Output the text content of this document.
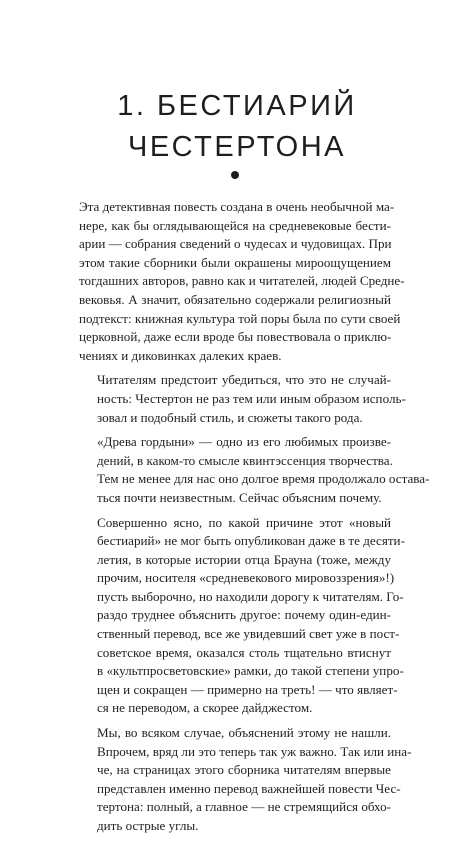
1. БЕСТИАРИЙ
ЧЕСТЕРТОНА

Эта детективная повесть создана в очень необычной ма-
нере, как бы оглядывающейся на средневековые бести-
арии — собрания сведений о чудесах и чудовищах. При
этом такие сборники были окрашены мироощущением
тогдашних авторов, равно как и читателей, людей Средне-
вековья. А значит, обязательно содержали религиозный
подтекст: книжная культура той поры была по сути своей
церковной, даже если вроде бы повествовала о приклю-
чениях и диковинках далеких краев.

Читателям предстоит убедиться, что это не случай-
ность: Честертон не раз тем или иным образом исполь-
зовал и подобный стиль, и сюжеты такого рода.

«Древа гордыни» — одно из его любимых произве-
дений, в каком-то смысле квинтэссенция творчества.
Тем не менее для нас оно долгое время продолжало остава-
ться почти неизвестным. Сейчас объясним почему.

Совершенно ясно, по какой причине этот «новый
бестиарий» не мог быть опубликован даже в те десяти-
летия, в которые истории отца Брауна (тоже, между
прочим, носителя «средневекового мировоззрения»!)
пусть выборочно, но находили дорогу к читателям. Го-
раздо труднее объяснить другое: почему один-един-
ственный перевод, все же увидевший свет уже в пост-
советское время, оказался столь тщательно втиснут
в «культпросветовские» рамки, до такой степени упро-
щен и сокращен — примерно на треть! — что являет-
ся не переводом, а скорее дайджестом.

Мы, во всяком случае, объяснений этому не нашли.
Впрочем, вряд ли это теперь так уж важно. Так или ина-
че, на страницах этого сборника читателям впервые
представлен именно перевод важнейшей повести Чес-
тертона: полный, а главное — не стремящийся обхо-
дить острые углы.
